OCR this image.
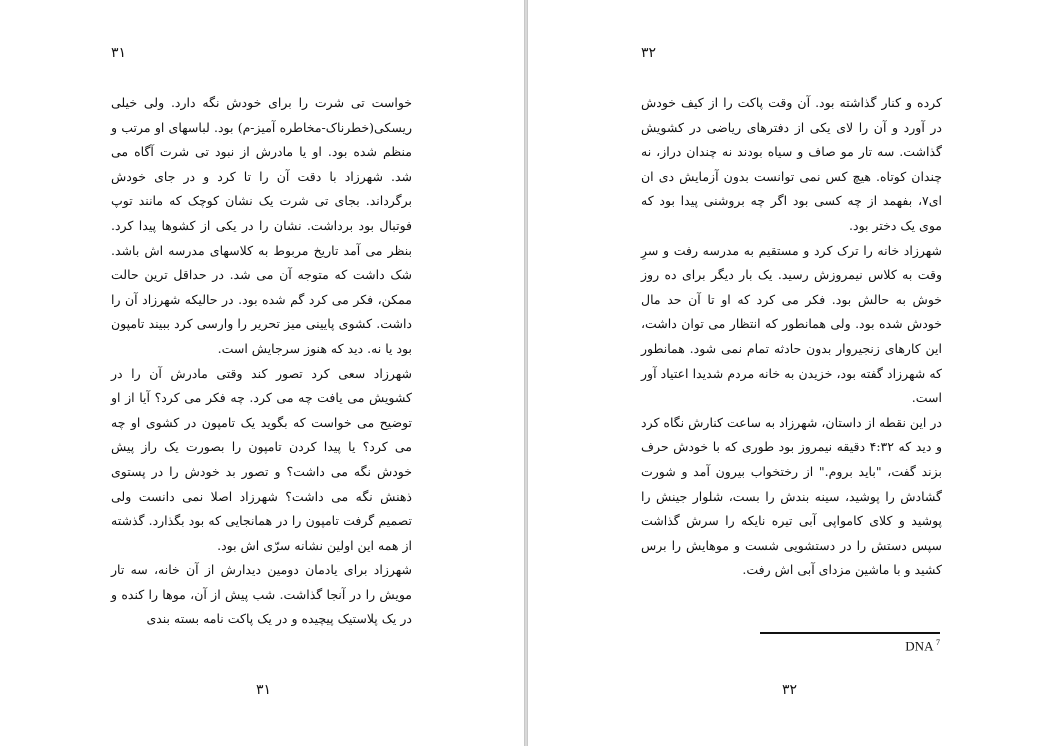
۳۱

خواست تی شرت را برای خودش نگه دارد. ولی خیلی ریسکی(خطرناک-مخاطره آمیز-م) بود. لباسهای او مرتب و منظم شده بود. او یا مادرش از نبود تی شرت آگاه می شد. شهرزاد با دقت آن را تا کرد و در جای خودش برگرداند. بجای تی شرت یک نشان کوچک که مانند توپ فوتبال بود برداشت. نشان را در یکی از کشوها پیدا کرد. بنظر می آمد تاریخ مربوط به کلاسهای مدرسه اش باشد. شک داشت که متوجه آن می شد. در حداقل ترین حالت ممکن، فکر می کرد گم شده بود. در حالیکه شهرزاد آن را داشت. کشوی پایینی میز تحریر را وارسی کرد ببیند تامپون بود یا نه. دید که هنوز سرجایش است.

شهرزاد سعی کرد تصور کند وقتی مادرش آن را در کشویش می یافت چه می کرد. چه فکر می کرد؟ آیا از او توضیح می خواست که بگوید یک تامپون در کشوی او چه می کرد؟ یا پیدا کردن تامپون را بصورت یک راز پیش خودش نگه می داشت؟ و تصور بد خودش را در پستوی ذهنش نگه می داشت؟ شهرزاد اصلا نمی دانست ولی تصمیم گرفت تامپون را در همانجایی که بود بگذارد. گذشته از همه این اولین نشانه سرّی اش بود.

شهرزاد برای یادمان دومین دیدارش از آن خانه، سه تار مویش را در آنجا گذاشت. شب پیش از آن، موها را کنده و در یک پلاستیک پیچیده و در یک پاکت نامه بسته بندی

۳۱
۳۲

کرده و کنار گذاشته بود. آن وقت پاکت را از کیف خودش در آورد و آن را لای یکی از دفترهای ریاضی در کشویش گذاشت. سه تار مو صاف و سیاه بودند نه چندان دراز، نه چندان کوتاه. هیچ کس نمی توانست بدون آزمایش دی ان ای۷، بفهمد از چه کسی بود اگر چه بروشنی پیدا بود که موی یک دختر بود.

شهرزاد خانه را ترک کرد و مستقیم به مدرسه رفت و سرِ وقت به کلاس نیمروزش رسید. یک بار دیگر برای ده روز خوش به حالش بود. فکر می کرد که او تا آن حد مال خودش شده بود. ولی همانطور که انتظار می توان داشت، این کارهای زنجیروار بدون حادثه تمام نمی شود. همانطور که شهرزاد گفته بود، خزیدن به خانه مردم شدیدا اعتیاد آور است.

در این نقطه از داستان، شهرزاد به ساعت کنارش نگاه کرد و دید که ۴:۳۲ دقیقه نیمروز بود طوری که با خودش حرف بزند گفت، "باید بروم." از رختخواب بیرون آمد و شورت گشادش را پوشید، سینه بندش را بست، شلوار جینش را پوشید و کلای کامواپی آبی تیره نایکه را سرش گذاشت سپس دستش را در دستشویی شست و موهایش را برس کشید و با ماشین مزدای آبی اش رفت.

DNA $^7$
۳۲
